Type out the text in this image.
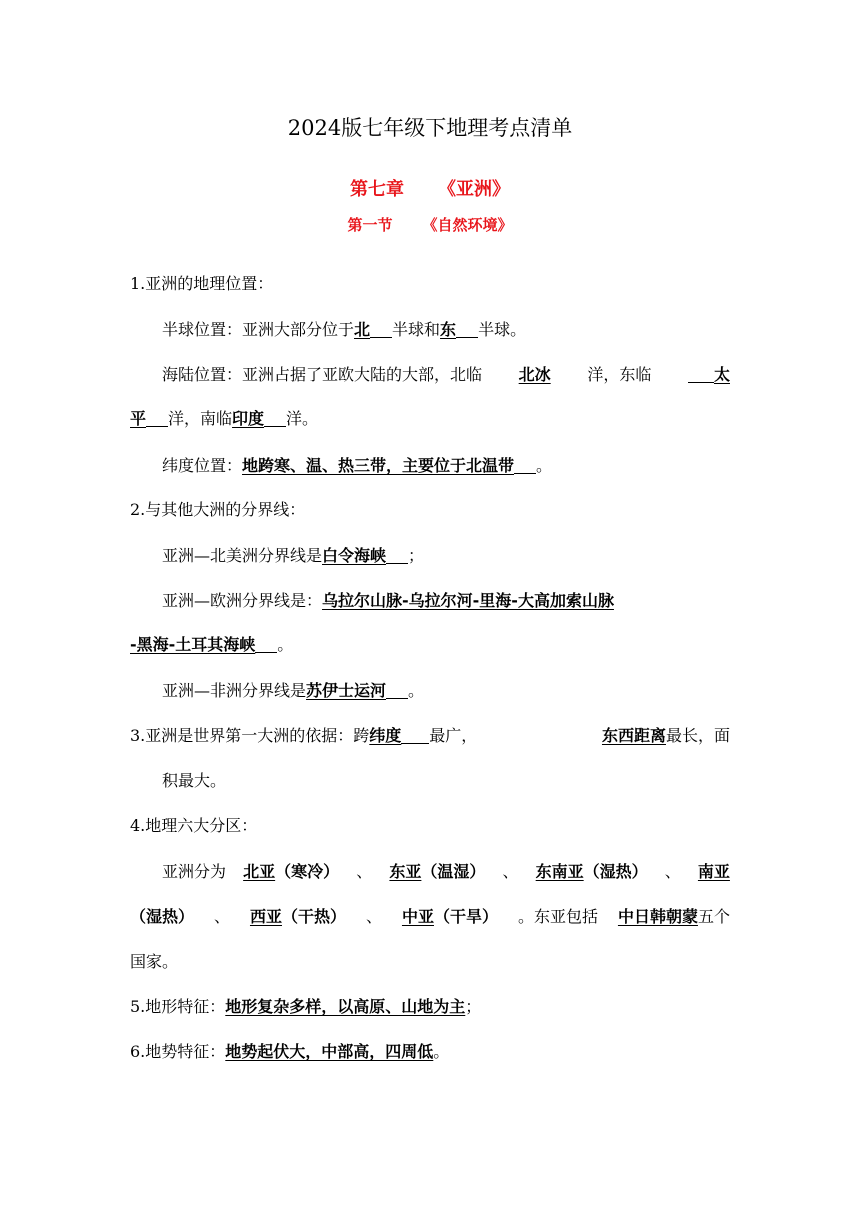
2024版七年级下地理考点清单
第七章 《亚洲》
第一节 《自然环境》
1.亚洲的地理位置：
半球位置：亚洲大部分位于北 半球和东 半球。
海陆位置：亚洲占据了亚欧大陆的大部，北临 北冰 洋，东临	太
平 洋，南临印度 洋。
纬度位置：地跨寒、温、热三带，主要位于北温带 。
2.与其他大洲的分界线：
亚洲—北美洲分界线是白令海峡 ；
亚洲—欧洲分界线是：乌拉尔山脉-乌拉尔河-里海-大高加索山脉
-黑海-土耳其海峡 。
亚洲—非洲分界线是苏伊士运河 。
3.亚洲是世界第一大洲的依据：跨纬度 最广，	东西距离最长，面
积最大。
4.地理六大分区：
亚洲分为 北亚（寒冷） 、 东亚（温湿） 、 东南亚（湿热） 、 南亚
（湿热） 、 西亚（干热） 、 中亚（干旱） 。东亚包括 中日韩朝蒙五个
国家。
5.地形特征：地形复杂多样，以高原、山地为主；
6.地势特征：地势起伏大，中部高，四周低。
